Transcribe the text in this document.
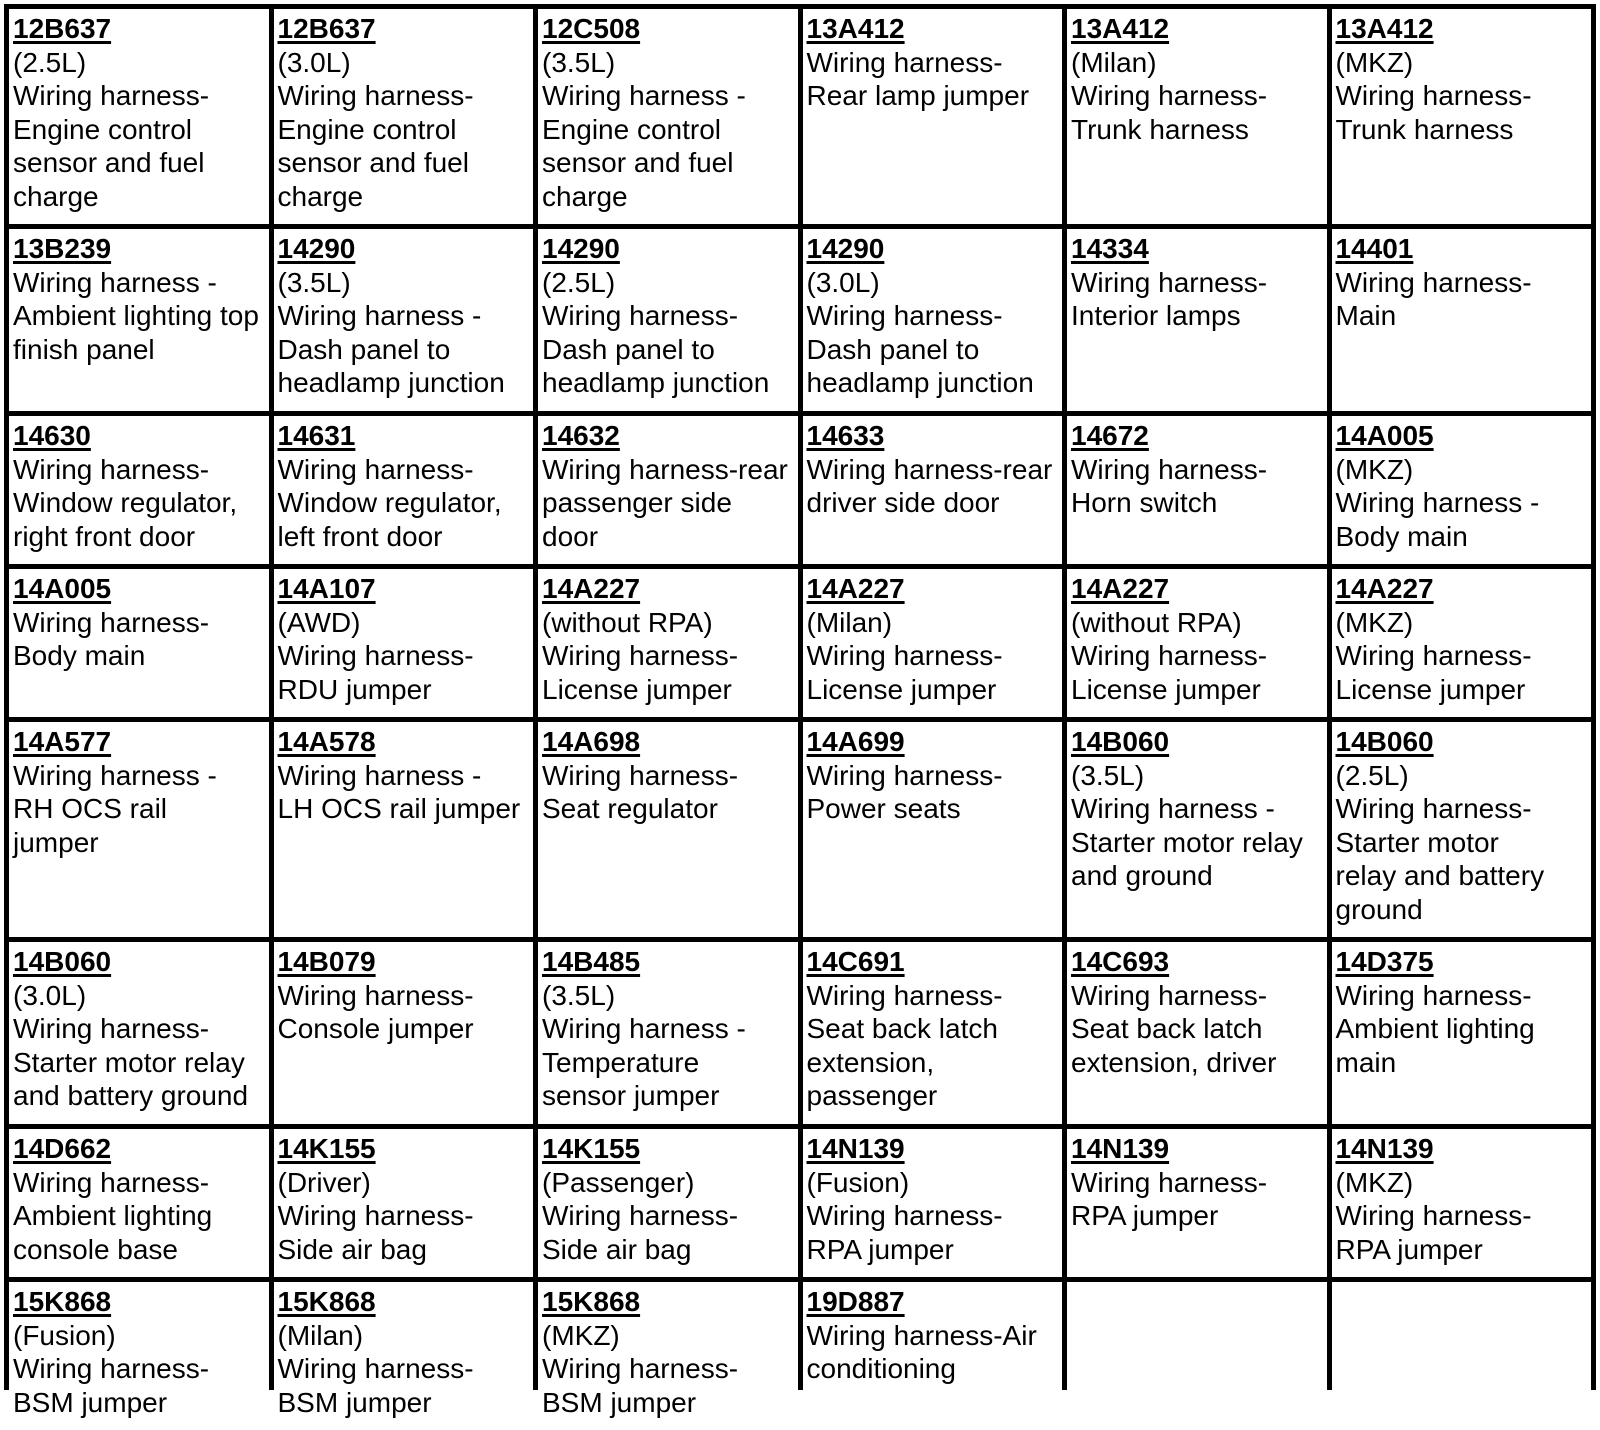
12B637
(2.5L)
Wiring harness-
Engine control
sensor and fuel
charge
12B637
(3.0L)
Wiring harness-
Engine control
sensor and fuel
charge
12C508
(3.5L)
Wiring harness -
Engine control
sensor and fuel
charge
13A412
Wiring harness-
Rear lamp jumper
13A412
(Milan)
Wiring harness-
Trunk harness
13A412
(MKZ)
Wiring harness-
Trunk harness
13B239
Wiring harness -
Ambient lighting top
finish panel
14290
(3.5L)
Wiring harness -
Dash panel to
headlamp junction
14290
(2.5L)
Wiring harness-
Dash panel to
headlamp junction
14290
(3.0L)
Wiring harness-
Dash panel to
headlamp junction
14334
Wiring harness-
Interior lamps
14401
Wiring harness-
Main
14630
Wiring harness-
Window regulator,
right front door
14631
Wiring harness-
Window regulator,
left front door
14632
Wiring harness-rear
passenger side
door
14633
Wiring harness-rear
driver side door
14672
Wiring harness-
Horn switch
14A005
(MKZ)
Wiring harness -
Body main
14A005
Wiring harness-
Body main
14A107
(AWD)
Wiring harness-
RDU jumper
14A227
(without RPA)
Wiring harness-
License jumper
14A227
(Milan)
Wiring harness-
License jumper
14A227
(without RPA)
Wiring harness-
License jumper
14A227
(MKZ)
Wiring harness-
License jumper
14A577
Wiring harness -
RH OCS rail
jumper
14A578
Wiring harness -
LH OCS rail jumper
14A698
Wiring harness-
Seat regulator
14A699
Wiring harness-
Power seats
14B060
(3.5L)
Wiring harness -
Starter motor relay
and ground
14B060
(2.5L)
Wiring harness-
Starter motor
relay and battery
ground
14B060
(3.0L)
Wiring harness-
Starter motor relay
and battery ground
14B079
Wiring harness-
Console jumper
14B485
(3.5L)
Wiring harness -
Temperature
sensor jumper
14C691
Wiring harness-
Seat back latch
extension,
passenger
14C693
Wiring harness-
Seat back latch
extension, driver
14D375
Wiring harness-
Ambient lighting
main
14D662
Wiring harness-
Ambient lighting
console base
14K155
(Driver)
Wiring harness-
Side air bag
14K155
(Passenger)
Wiring harness-
Side air bag
14N139
(Fusion)
Wiring harness-
RPA jumper
14N139
Wiring harness-
RPA jumper
14N139
(MKZ)
Wiring harness-
RPA jumper
15K868
(Fusion)
Wiring harness-
BSM jumper
15K868
(Milan)
Wiring harness-
BSM jumper
15K868
(MKZ)
Wiring harness-
BSM jumper
19D887
Wiring harness-Air
conditioning
